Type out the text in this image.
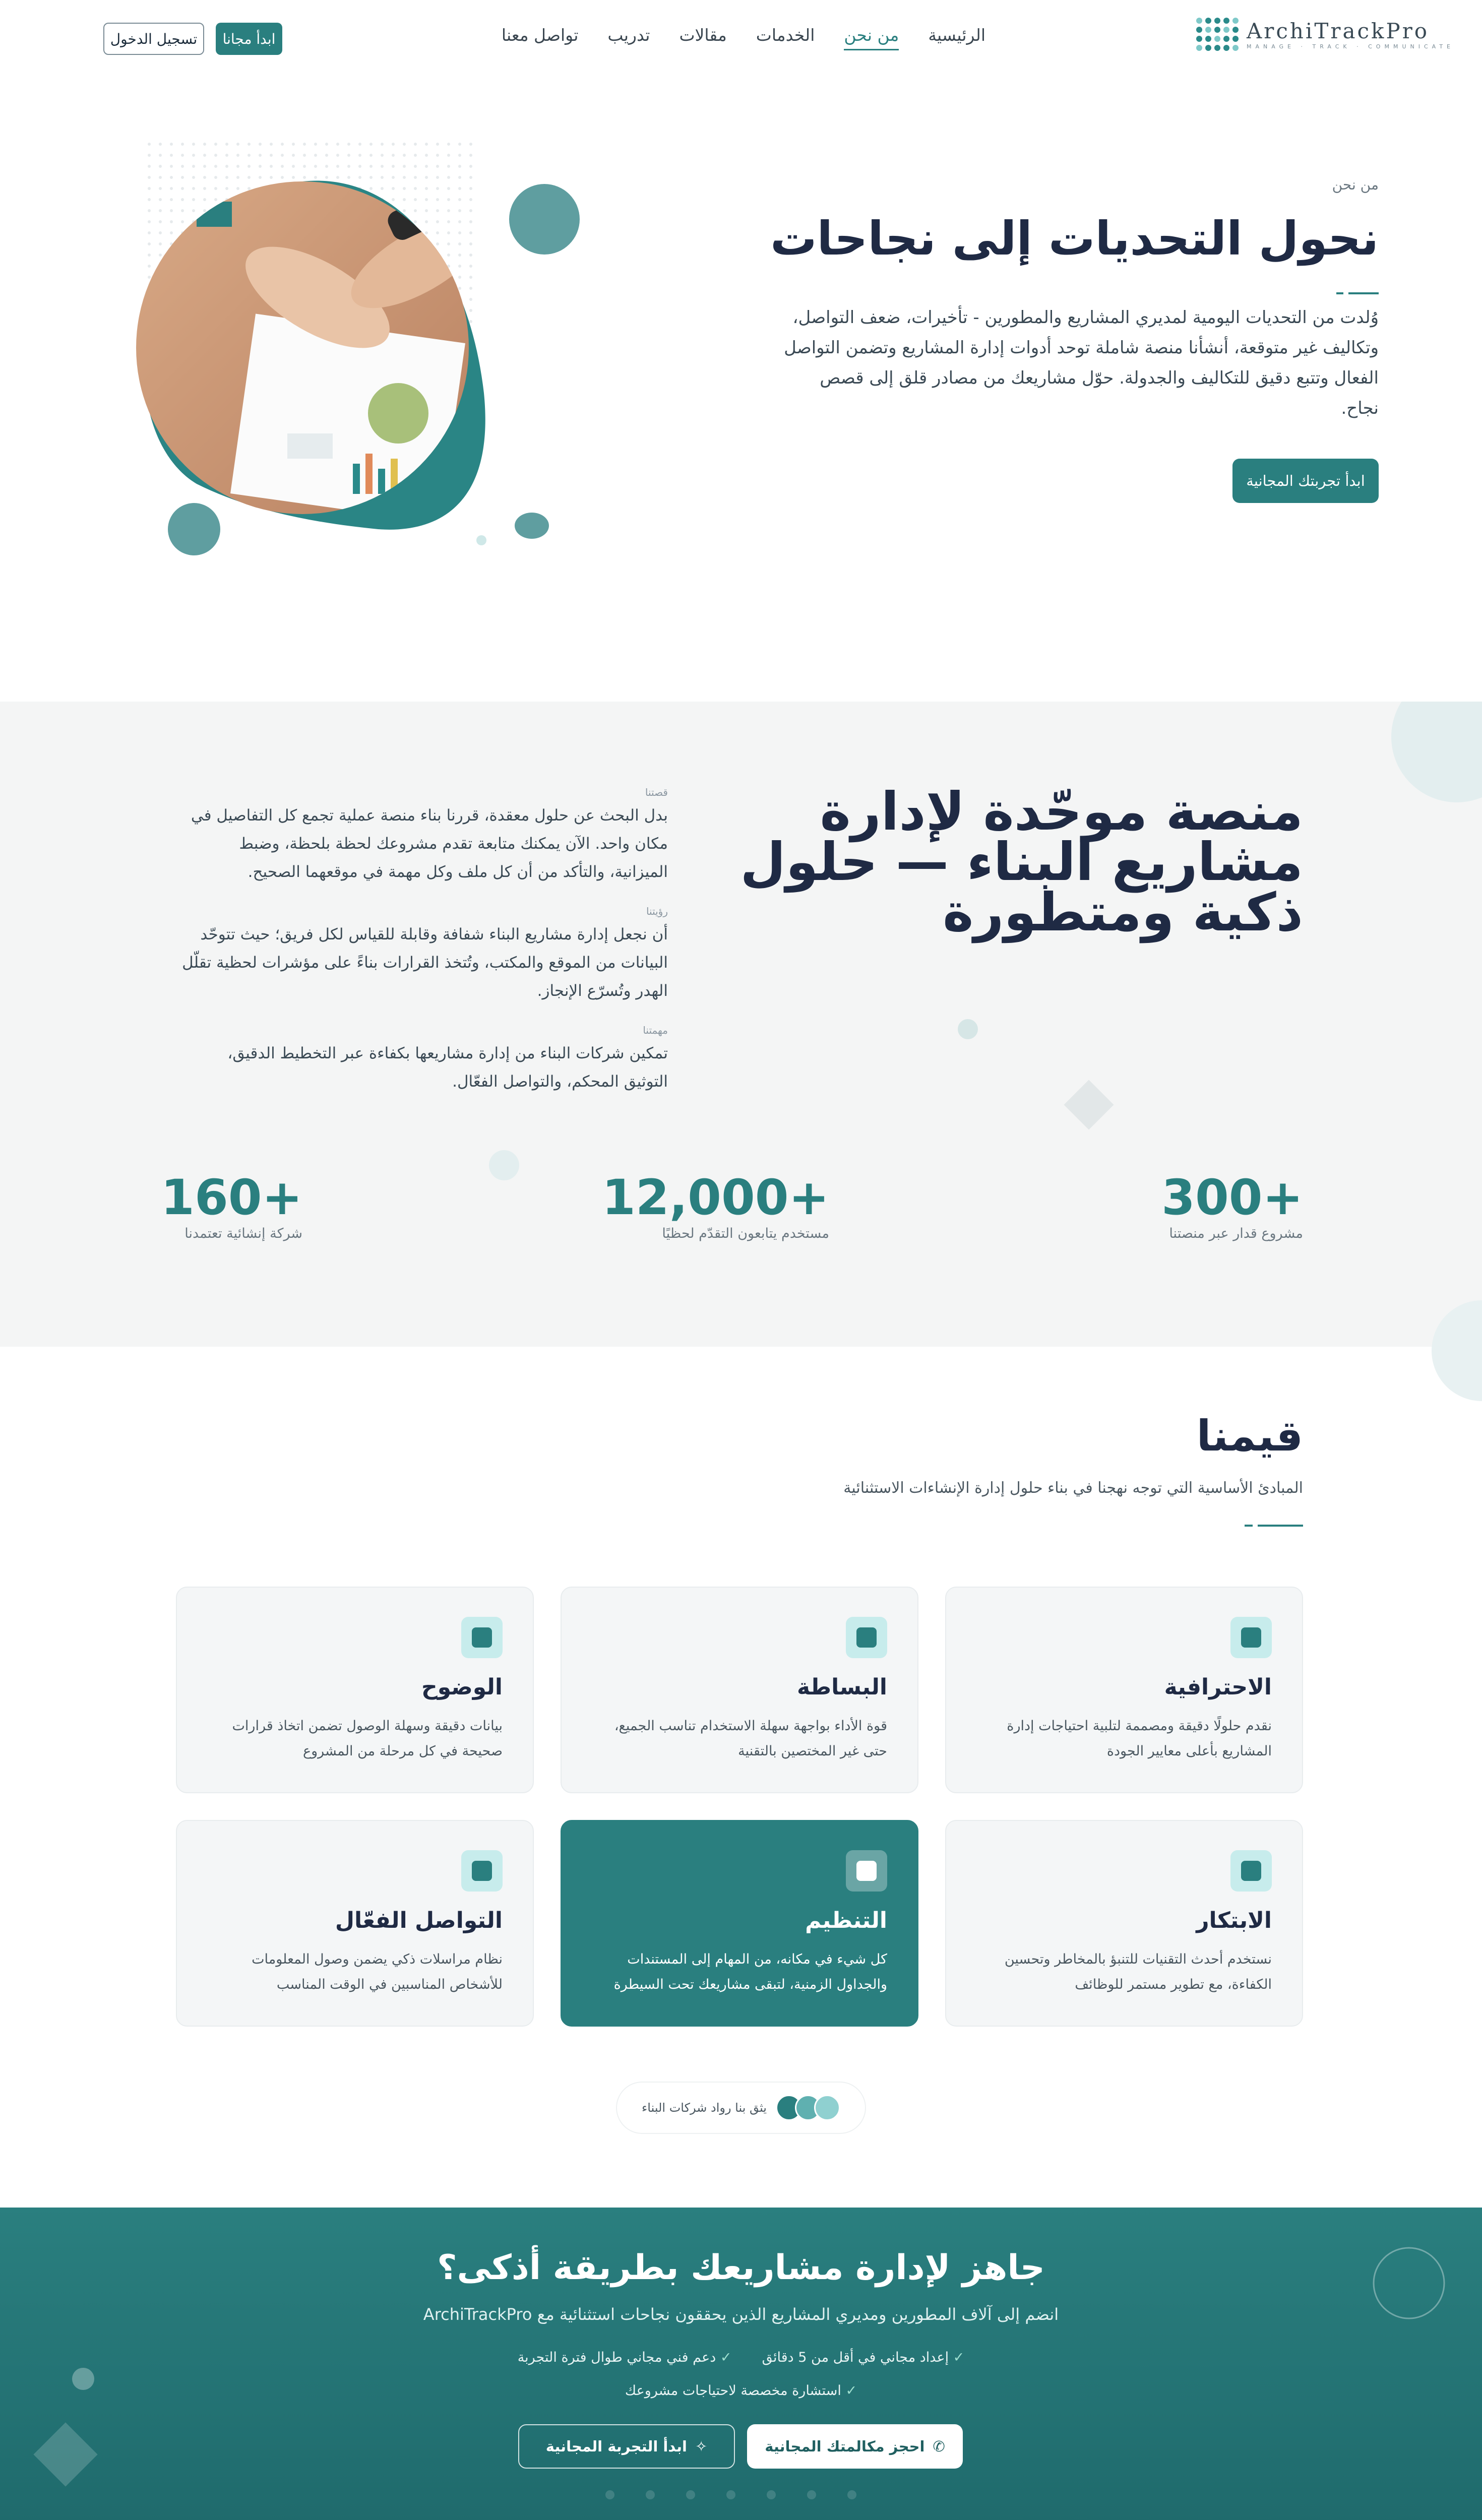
ArchiTrackPro
MANAGE · TRACK · COMMUNICATE
الرئيسية
من نحن
الخدمات
مقالات
تدريب
تواصل معنا
ابدأ مجانا
تسجيل الدخول
من نحن
نحول التحديات إلى نجاحات
وُلدت من التحديات اليومية لمديري المشاريع والمطورين - تأخيرات، ضعف التواصل، وتكاليف غير متوقعة، أنشأنا منصة شاملة توحد أدوات إدارة المشاريع وتضمن التواصل الفعال وتتبع دقيق للتكاليف والجدولة. حوّل مشاريعك من مصادر قلق إلى قصص نجاح.
ابدأ تجربتك المجانية
منصة موحّدة لإدارة
مشاريع البناء — حلول
ذكية ومتطورة
قصتنا
بدل البحث عن حلول معقدة، قررنا بناء منصة عملية تجمع كل التفاصيل في مكان واحد. الآن يمكنك متابعة تقدم مشروعك لحظة بلحظة، وضبط الميزانية، والتأكد من أن كل ملف وكل مهمة في موقعهما الصحيح.
رؤيتنا
أن نجعل إدارة مشاريع البناء شفافة وقابلة للقياس لكل فريق؛ حيث تتوحّد البيانات من الموقع والمكتب، وتُتخذ القرارات بناءً على مؤشرات لحظية تقلّل الهدر وتُسرّع الإنجاز.
مهمتنا
تمكين شركات البناء من إدارة مشاريعها بكفاءة عبر التخطيط الدقيق، التوثيق المحكم، والتواصل الفعّال.
+300
مشروع قدار عبر منصتنا
+12,000
مستخدم يتابعون التقدّم لحظيًا
+160
شركة إنشائية تعتمدنا
قيمنا
المبادئ الأساسية التي توجه نهجنا في بناء حلول إدارة الإنشاءات الاستثنائية
الاحترافية
نقدم حلولًا دقيقة ومصممة لتلبية احتياجات إدارة المشاريع بأعلى معايير الجودة
البساطة
قوة الأداء بواجهة سهلة الاستخدام تناسب الجميع، حتى غير المختصين بالتقنية
الوضوح
بيانات دقيقة وسهلة الوصول تضمن اتخاذ قرارات صحيحة في كل مرحلة من المشروع
الابتكار
نستخدم أحدث التقنيات للتنبؤ بالمخاطر وتحسين الكفاءة، مع تطوير مستمر للوظائف
التنظيم
كل شيء في مكانه، من المهام إلى المستندات والجداول الزمنية، لتبقى مشاريعك تحت السيطرة
التواصل الفعّال
نظام مراسلات ذكي يضمن وصول المعلومات للأشخاص المناسبين في الوقت المناسب
يثق بنا رواد شركات البناء
جاهز لإدارة مشاريعك بطريقة أذكى؟
انضم إلى آلاف المطورين ومديري المشاريع الذين يحققون نجاحات استثنائية مع ArchiTrackPro
✓ إعداد مجاني في أقل من 5 دقائق
✓ دعم فني مجاني طوال فترة التجربة
✓ استشارة مخصصة لاحتياجات مشروعك
✆
احجز مكالمتك المجانية
✧
ابدأ التجربة المجانية
